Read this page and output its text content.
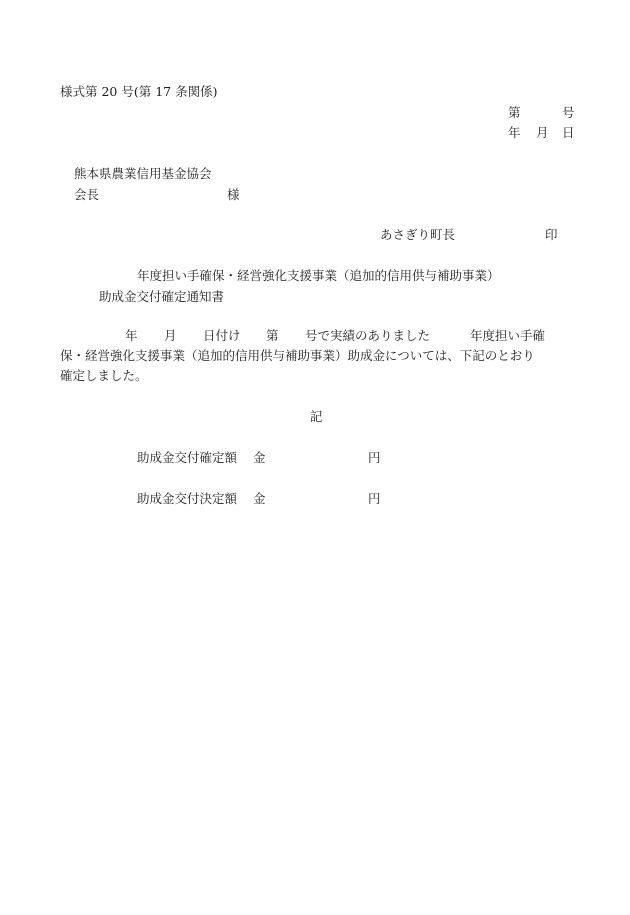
様式第 20 号(第 17 条関係)
第	号
年 月 日
熊本県農業信用基金協会
会長	様
あさぎり町長	印
年度担い手確保・経営強化支援事業（追加的信用供与補助事業）
助成金交付確定通知書
年 月 日付け 第 号で実績のありました	年度担い手確
保・経営強化支援事業（追加的信用供与補助事業）助成金については、下記のとおり
確定しました。
記
助成金交付確定額 金	円
助成金交付決定額 金	円
